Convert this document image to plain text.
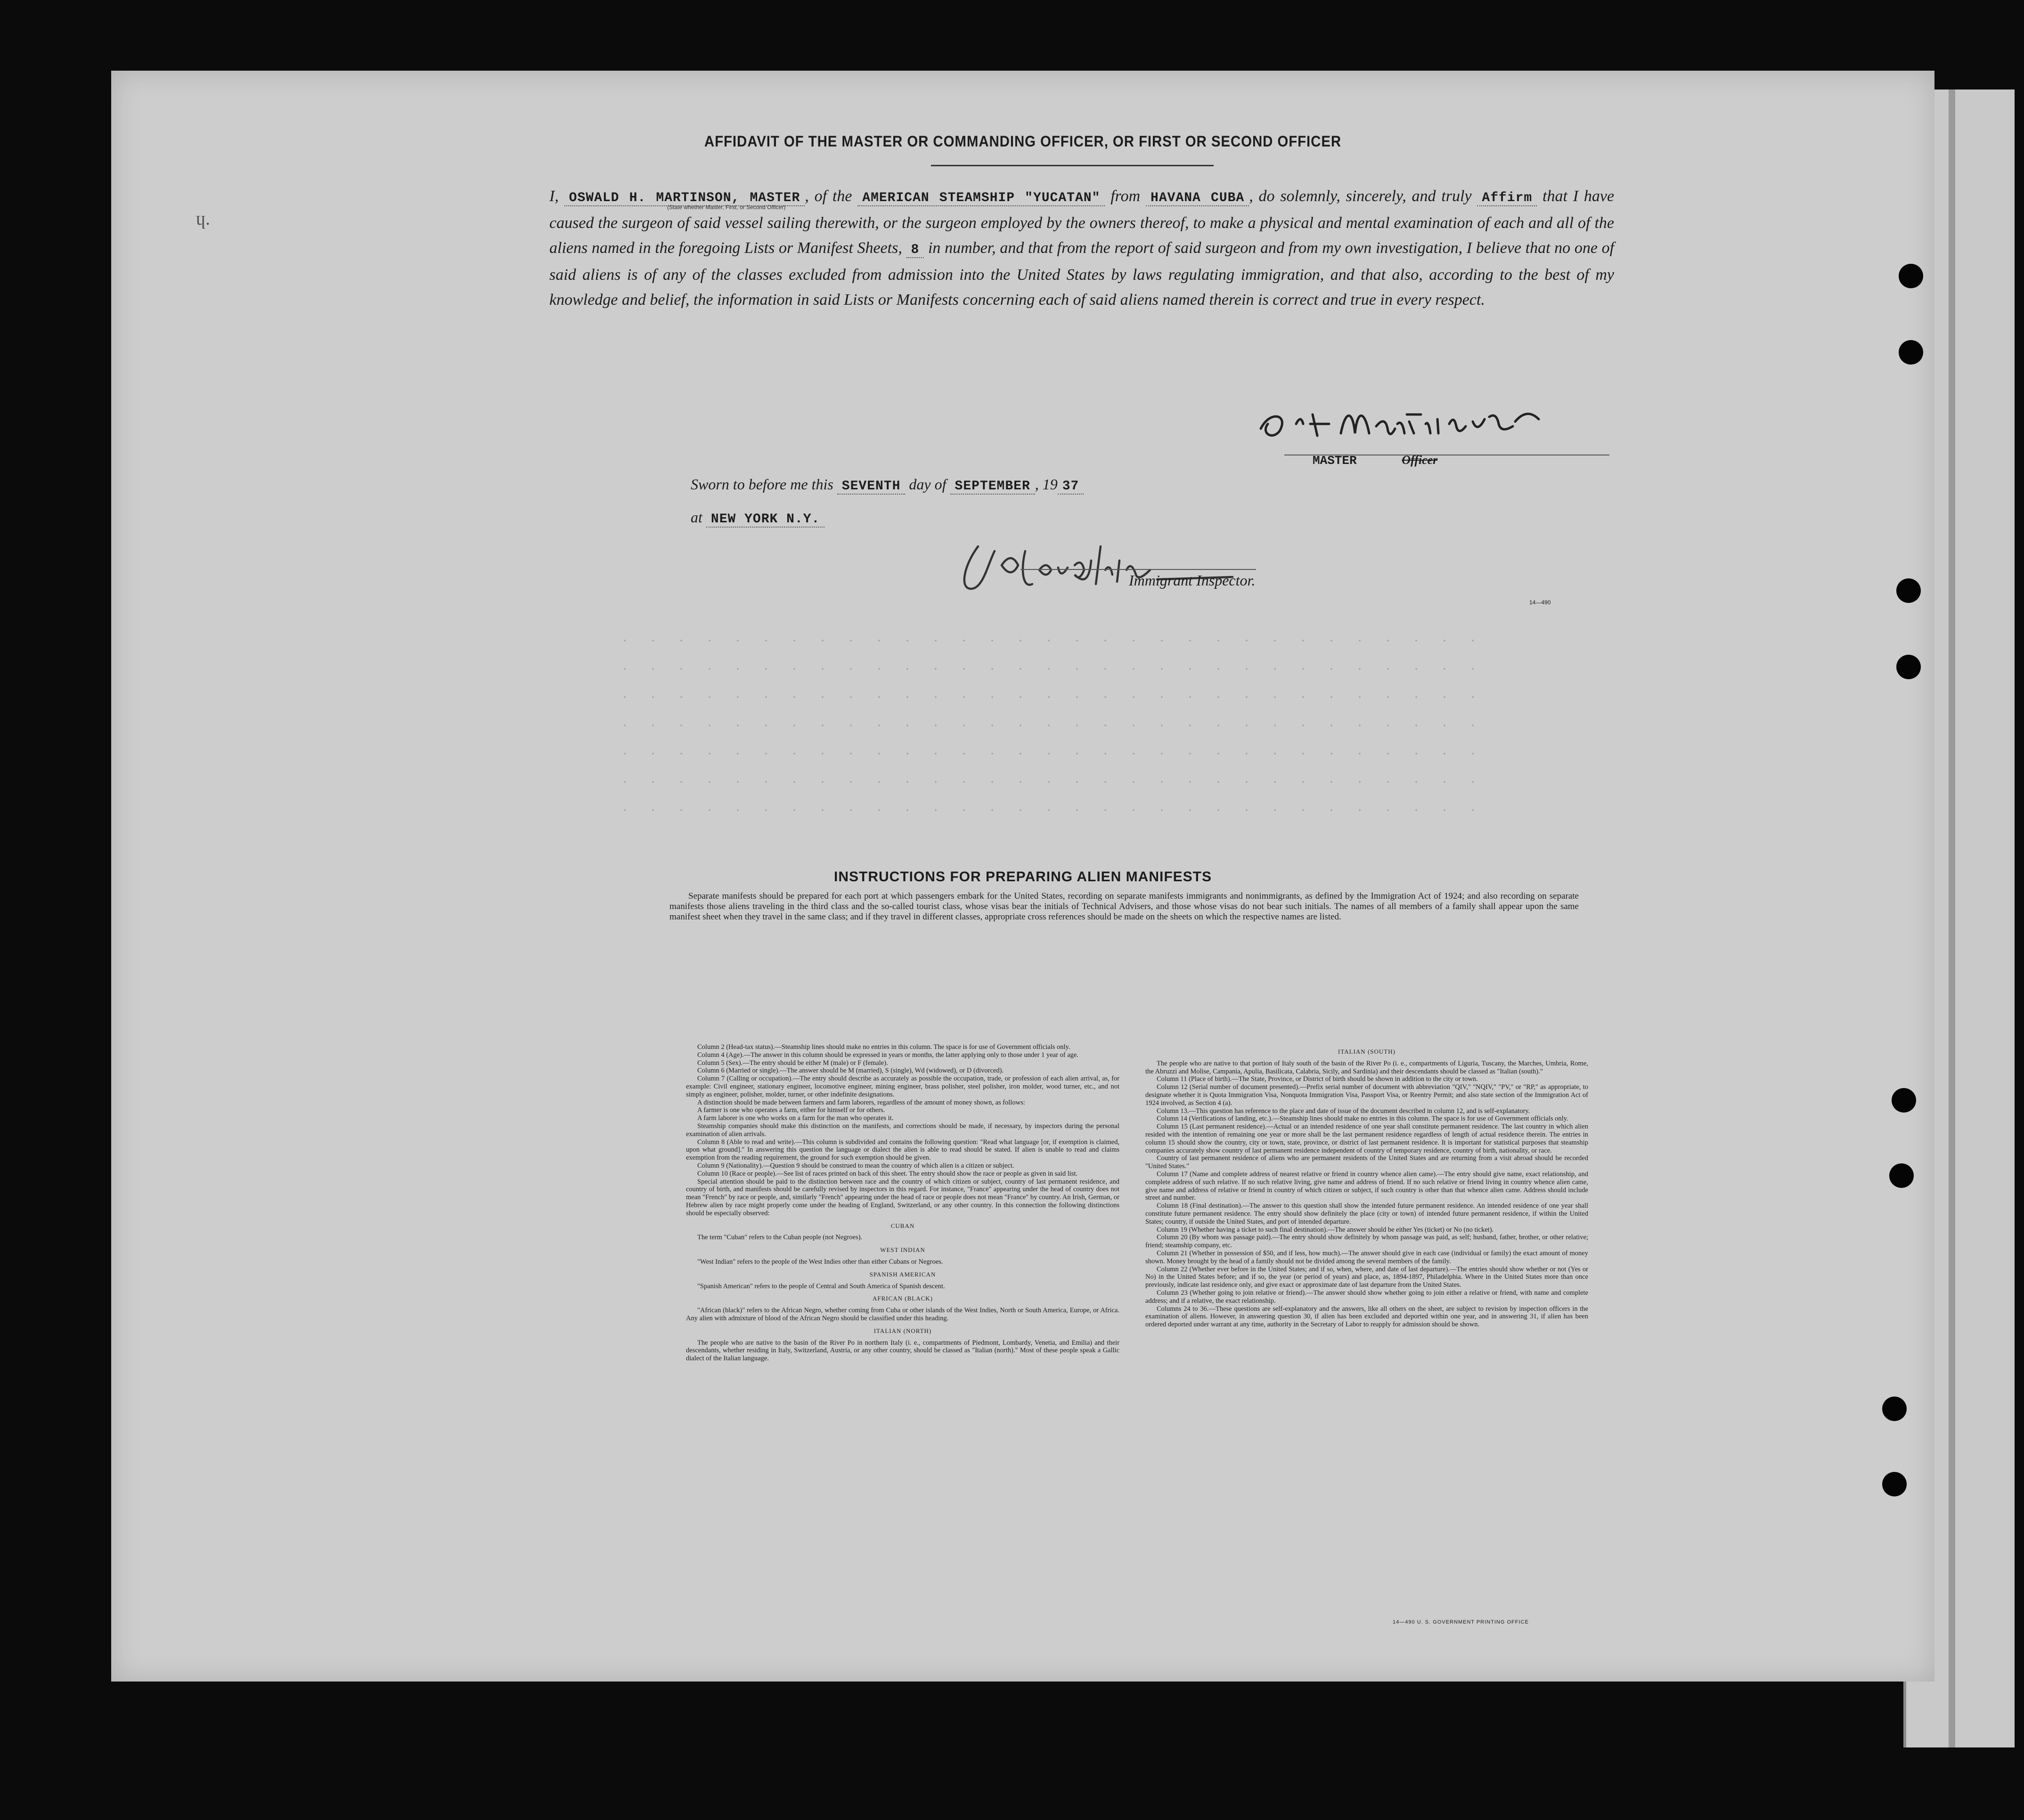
ɥ.
AFFIDAVIT OF THE MASTER OR COMMANDING OFFICER, OR FIRST OR SECOND OFFICER
I, OSWALD H. MARTINSON, MASTER , of the AMERICAN STEAMSHIP "YUCATAN" from HAVANA CUBA , do solemnly, sincerely, and truly Affirm that I have caused the surgeon of said vessel sailing therewith, or the surgeon employed by the owners thereof, to make a physical and mental examination of each and all of the aliens named in the foregoing Lists or Manifest Sheets, 8 in number, and that from the report of said surgeon and from my own investigation, I believe that no one of said aliens is of any of the classes excluded from admission into the United States by laws regulating immigration, and that also, according to the best of my knowledge and belief, the information in said Lists or Manifests concerning each of said aliens named therein is correct and true in every respect.
(State whether Master, First, or Second Officer)
MASTER	Officer
Sworn to before me this SEVENTH day of SEPTEMBER , 19 37
at NEW YORK N.Y.
Immigrant Inspector.
14—490
INSTRUCTIONS FOR PREPARING ALIEN MANIFESTS
Separate manifests should be prepared for each port at which passengers embark for the United States, recording on separate manifests immigrants and nonimmigrants, as defined by the Immigration Act of 1924; and also recording on separate manifests those aliens traveling in the third class and the so-called tourist class, whose visas bear the initials of Technical Advisers, and those whose visas do not bear such initials. The names of all members of a family shall appear upon the same manifest sheet when they travel in the same class; and if they travel in different classes, appropriate cross references should be made on the sheets on which the respective names are listed.

Column 2 (Head-tax status).—Steamship lines should make no entries in this column. The space is for use of Government officials only.

Column 4 (Age).—The answer in this column should be expressed in years or months, the latter applying only to those under 1 year of age.

Column 5 (Sex).—The entry should be either M (male) or F (female).

Column 6 (Married or single).—The answer should be M (married), S (single), Wd (widowed), or D (divorced).

Column 7 (Calling or occupation).—The entry should describe as accurately as possible the occupation, trade, or profession of each alien arrival, as, for example: Civil engineer, stationary engineer, locomotive engineer, mining engineer, brass polisher, steel polisher, iron molder, wood turner, etc., and not simply as engineer, polisher, molder, turner, or other indefinite designations.

A distinction should be made between farmers and farm laborers, regardless of the amount of money shown, as follows:

A farmer is one who operates a farm, either for himself or for others.

A farm laborer is one who works on a farm for the man who operates it.

Steamship companies should make this distinction on the manifests, and corrections should be made, if necessary, by inspectors during the personal examination of alien arrivals.

Column 8 (Able to read and write).—This column is subdivided and contains the following question: "Read what language [or, if exemption is claimed, upon what ground]." In answering this question the language or dialect the alien is able to read should be stated. If alien is unable to read and claims exemption from the reading requirement, the ground for such exemption should be given.

Column 9 (Nationality).—Question 9 should be construed to mean the country of which alien is a citizen or subject.

Column 10 (Race or people).—See list of races printed on back of this sheet. The entry should show the race or people as given in said list.

Special attention should be paid to the distinction between race and the country of which citizen or subject, country of last permanent residence, and country of birth, and manifests should be carefully revised by inspectors in this regard. For instance, "France" appearing under the head of country does not mean "French" by race or people, and, similarly "French" appearing under the head of race or people does not mean "France" by country. An Irish, German, or Hebrew alien by race might properly come under the heading of England, Switzerland, or any other country. In this connection the following distinctions should be especially observed:

CUBAN

The term "Cuban" refers to the Cuban people (not Negroes).

WEST INDIAN

"West Indian" refers to the people of the West Indies other than either Cubans or Negroes.

SPANISH AMERICAN

"Spanish American" refers to the people of Central and South America of Spanish descent.

AFRICAN (BLACK)

"African (black)" refers to the African Negro, whether coming from Cuba or other islands of the West Indies, North or South America, Europe, or Africa. Any alien with admixture of blood of the African Negro should be classified under this heading.

ITALIAN (NORTH)

The people who are native to the basin of the River Po in northern Italy (i. e., compartments of Piedmont, Lombardy, Venetia, and Emilia) and their descendants, whether residing in Italy, Switzerland, Austria, or any other country, should be classed as "Italian (north)." Most of these people speak a Gallic dialect of the Italian language.

ITALIAN (SOUTH)

The people who are native to that portion of Italy south of the basin of the River Po (i. e., compartments of Liguria, Tuscany, the Marches, Umbria, Rome, the Abruzzi and Molise, Campania, Apulia, Basilicata, Calabria, Sicily, and Sardinia) and their descendants should be classed as "Italian (south)."

Column 11 (Place of birth).—The State, Province, or District of birth should be shown in addition to the city or town.

Column 12 (Serial number of document presented).—Prefix serial number of document with abbreviation "QIV," "NQIV," "PV," or "RP," as appropriate, to designate whether it is Quota Immigration Visa, Nonquota Immigration Visa, Passport Visa, or Reentry Permit; and also state section of the Immigration Act of 1924 involved, as Section 4 (a).

Column 13.—This question has reference to the place and date of issue of the document described in column 12, and is self-explanatory.

Column 14 (Verifications of landing, etc.).—Steamship lines should make no entries in this column. The space is for use of Government officials only.

Column 15 (Last permanent residence).—Actual or an intended residence of one year shall constitute permanent residence. The last country in which alien resided with the intention of remaining one year or more shall be the last permanent residence regardless of length of actual residence therein. The entries in column 15 should show the country, city or town, state, province, or district of last permanent residence. It is important for statistical purposes that steamship companies accurately show country of last permanent residence independent of country of temporary residence, country of birth, nationality, or race.

Country of last permanent residence of aliens who are permanent residents of the United States and are returning from a visit abroad should be recorded "United States."

Column 17 (Name and complete address of nearest relative or friend in country whence alien came).—The entry should give name, exact relationship, and complete address of such relative. If no such relative living, give name and address of friend. If no such relative or friend living in country whence alien came, give name and address of relative or friend in country of which citizen or subject, if such country is other than that whence alien came. Address should include street and number.

Column 18 (Final destination).—The answer to this question shall show the intended future permanent residence. An intended residence of one year shall constitute future permanent residence. The entry should show definitely the place (city or town) of intended future permanent residence, if within the United States; country, if outside the United States, and port of intended departure.

Column 19 (Whether having a ticket to such final destination).—The answer should be either Yes (ticket) or No (no ticket).

Column 20 (By whom was passage paid).—The entry should show definitely by whom passage was paid, as self; husband, father, brother, or other relative; friend; steamship company, etc.

Column 21 (Whether in possession of $50, and if less, how much).—The answer should give in each case (individual or family) the exact amount of money shown. Money brought by the head of a family should not be divided among the several members of the family.

Column 22 (Whether ever before in the United States; and if so, when, where, and date of last departure).—The entries should show whether or not (Yes or No) in the United States before; and if so, the year (or period of years) and place, as, 1894-1897, Philadelphia. Where in the United States more than once previously, indicate last residence only, and give exact or approximate date of last departure from the United States.

Column 23 (Whether going to join relative or friend).—The answer should show whether going to join either a relative or friend, with name and complete address; and if a relative, the exact relationship.

Columns 24 to 36.—These questions are self-explanatory and the answers, like all others on the sheet, are subject to revision by inspection officers in the examination of aliens. However, in answering question 30, if alien has been excluded and deported within one year, and in answering 31, if alien has been ordered deported under warrant at any time, authority in the Secretary of Labor to reapply for admission should be shown.

14—490 U. S. GOVERNMENT PRINTING OFFICE
